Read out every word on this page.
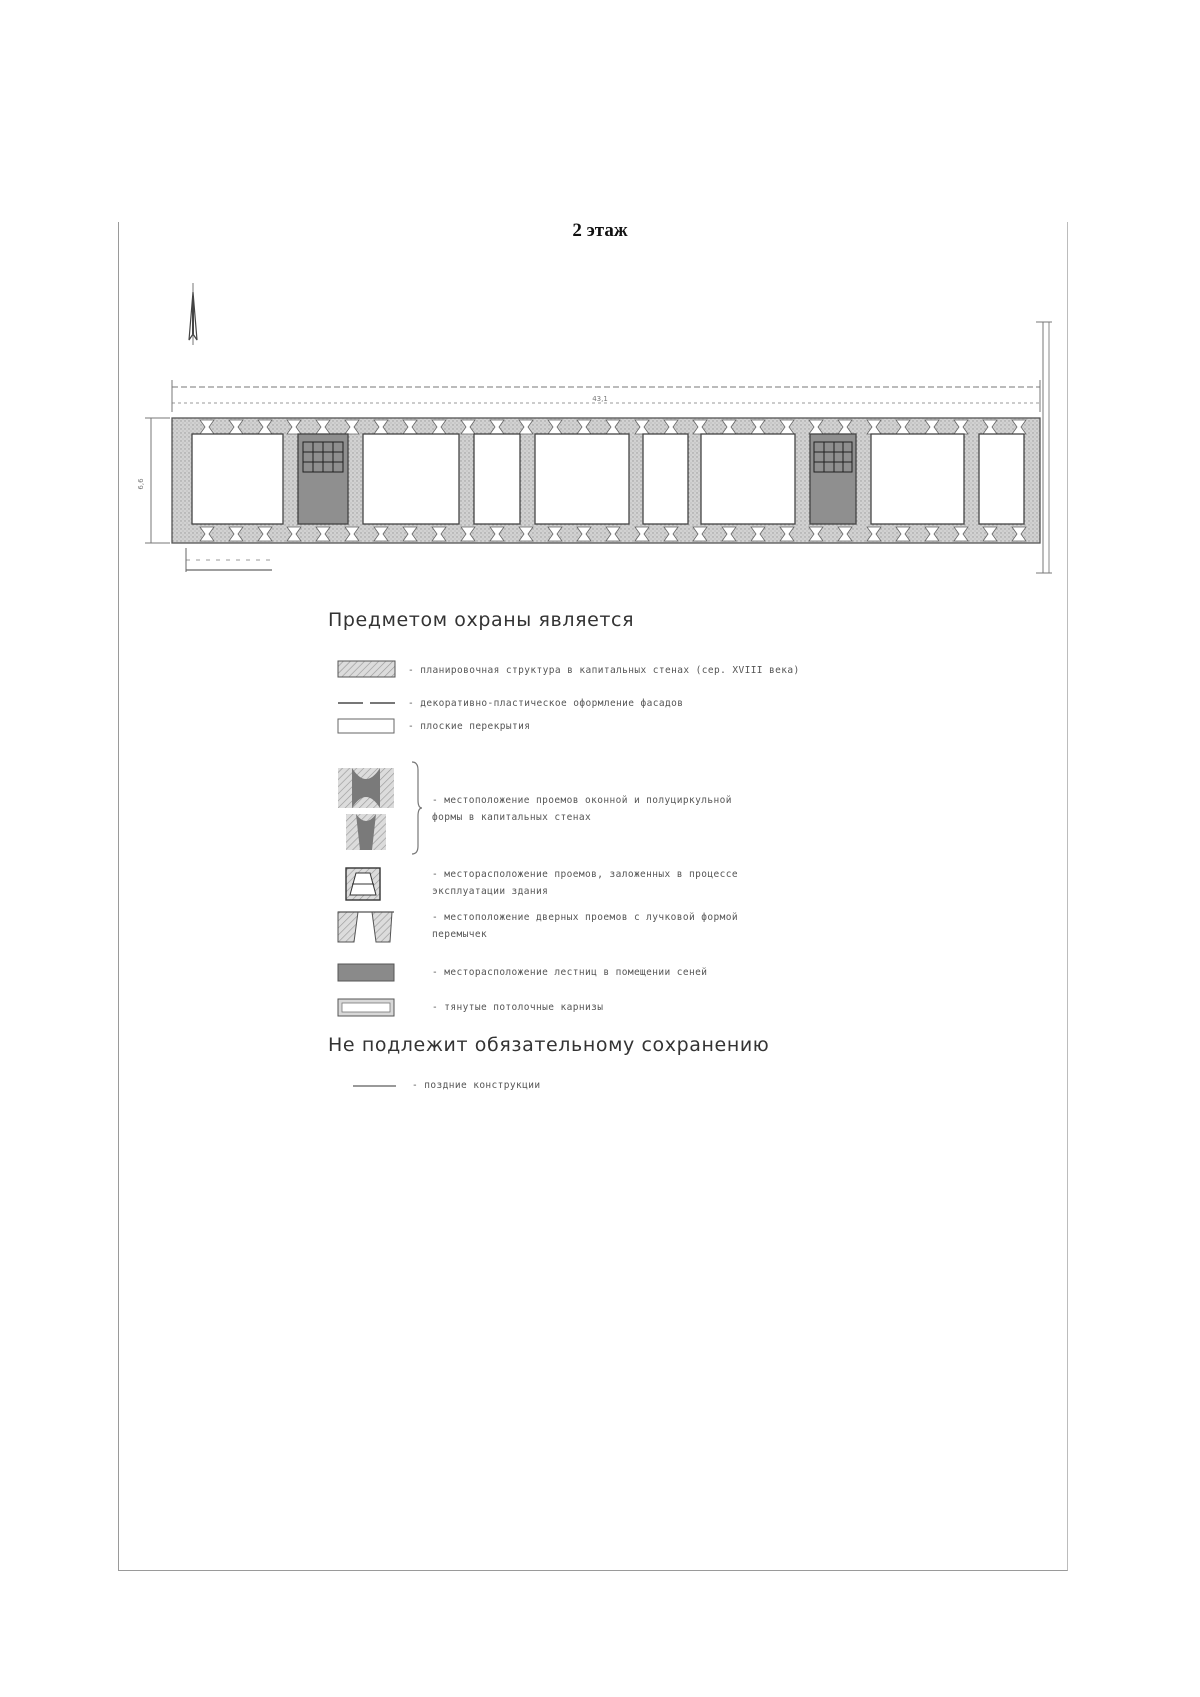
2 этаж
43,1
6,6
Предметом охраны является
Не подлежит обязательному сохранению
- планировочная структура в капитальных стенах (сер. XVIII века)
- декоративно-пластическое оформление фасадов
- плоские перекрытия
- местоположение проемов оконной и полуциркульной формы в капитальных стенах
- месторасположение проемов, заложенных в процессе эксплуатации здания
- местоположение дверных проемов с лучковой формой перемычек
- месторасположение лестниц в помещении сеней
- тянутые потолочные карнизы
- поздние конструкции
